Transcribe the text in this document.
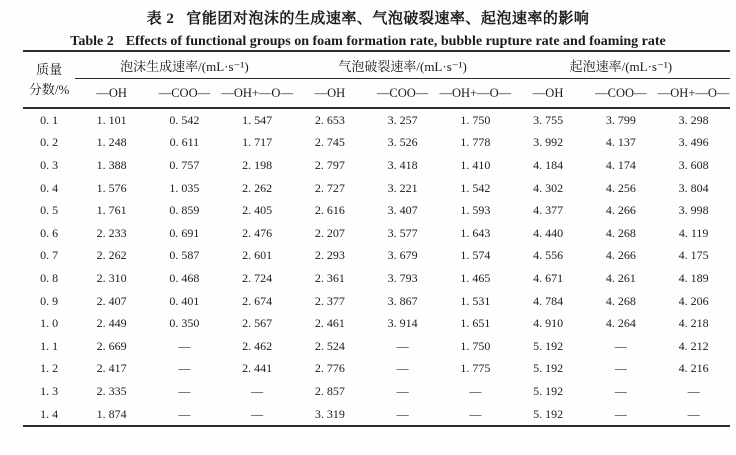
表 2 官能团对泡沫的生成速率、气泡破裂速率、起泡速率的影响
Table 2 Effects of functional groups on foam formation rate, bubble rupture rate and foaming rate
质量
分数/%	泡沫生成速率/(mL·s⁻¹)			气泡破裂速率/(mL·s⁻¹)			起泡速率/(mL·s⁻¹)		
	—OH	—COO—	—OH+—O—	—OH	—COO—	—OH+—O—	—OH	—COO—	—OH+—O—
0. 1	1. 101	0. 542	1. 547	2. 653	3. 257	1. 750	3. 755	3. 799	3. 298
0. 2	1. 248	0. 611	1. 717	2. 745	3. 526	1. 778	3. 992	4. 137	3. 496
0. 3	1. 388	0. 757	2. 198	2. 797	3. 418	1. 410	4. 184	4. 174	3. 608
0. 4	1. 576	1. 035	2. 262	2. 727	3. 221	1. 542	4. 302	4. 256	3. 804
0. 5	1. 761	0. 859	2. 405	2. 616	3. 407	1. 593	4. 377	4. 266	3. 998
0. 6	2. 233	0. 691	2. 476	2. 207	3. 577	1. 643	4. 440	4. 268	4. 119
0. 7	2. 262	0. 587	2. 601	2. 293	3. 679	1. 574	4. 556	4. 266	4. 175
0. 8	2. 310	0. 468	2. 724	2. 361	3. 793	1. 465	4. 671	4. 261	4. 189
0. 9	2. 407	0. 401	2. 674	2. 377	3. 867	1. 531	4. 784	4. 268	4. 206
1. 0	2. 449	0. 350	2. 567	2. 461	3. 914	1. 651	4. 910	4. 264	4. 218
1. 1	2. 669	—	2. 462	2. 524	—	1. 750	5. 192	—	4. 212
1. 2	2. 417	—	2. 441	2. 776	—	1. 775	5. 192	—	4. 216
1. 3	2. 335	—	—	2. 857	—	—	5. 192	—	—
1. 4	1. 874	—	—	3. 319	—	—	5. 192	—	—
